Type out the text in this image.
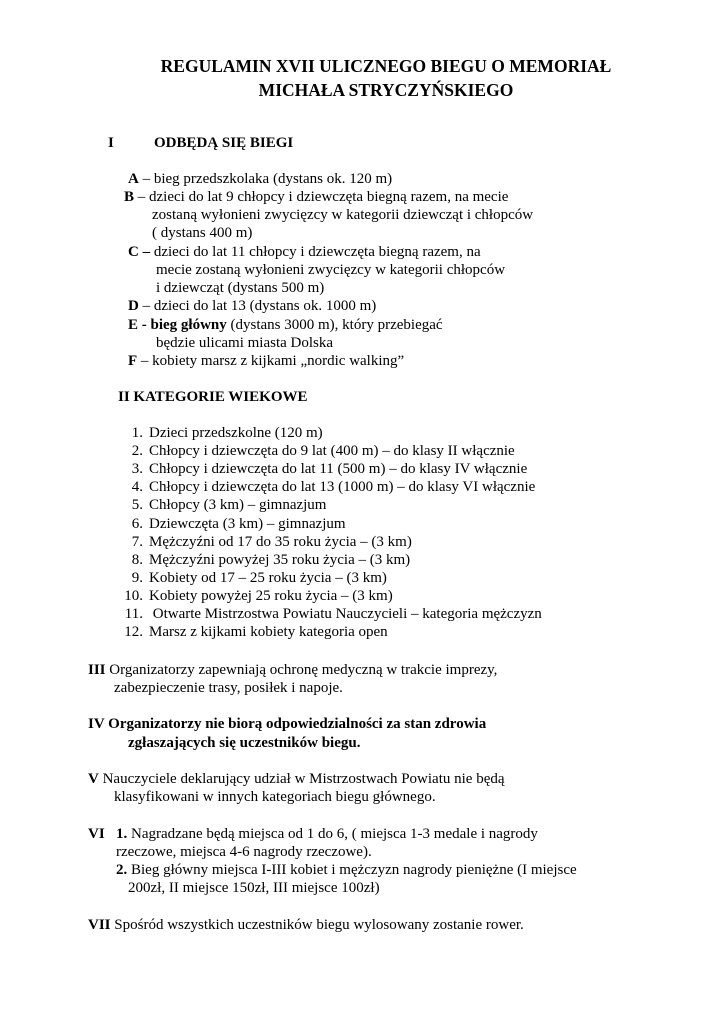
REGULAMIN XVII ULICZNEGO BIEGU O MEMORIAŁ
MICHAŁA STRYCZYŃSKIEGO
I	ODBĘDĄ SIĘ BIEGI
A – bieg przedszkolaka (dystans ok. 120 m)
B – dzieci do lat 9 chłopcy i dziewczęta biegną razem, na mecie
zostaną wyłonieni zwycięzcy w kategorii dziewcząt i chłopców
( dystans 400 m)
C – dzieci do lat 11 chłopcy i dziewczęta biegną razem, na
mecie zostaną wyłonieni zwycięzcy w kategorii chłopców
i dziewcząt (dystans 500 m)
D – dzieci do lat 13 (dystans ok. 1000 m)
E - bieg główny (dystans 3000 m), który przebiegać
będzie ulicami miasta Dolska
F – kobiety marsz z kijkami „nordic walking”
II KATEGORIE WIEKOWE
1. Dzieci przedszkolne (120 m)
2. Chłopcy i dziewczęta do 9 lat (400 m) – do klasy II włącznie
3. Chłopcy i dziewczęta do lat 11 (500 m) – do klasy IV włącznie
4. Chłopcy i dziewczęta do lat 13 (1000 m) – do klasy VI włącznie
5. Chłopcy (3 km) – gimnazjum
6. Dziewczęta (3 km) – gimnazjum
7. Mężczyźni od 17 do 35 roku życia – (3 km)
8. Mężczyźni powyżej 35 roku życia – (3 km)
9. Kobiety od 17 – 25 roku życia – (3 km)
10. Kobiety powyżej 25 roku życia – (3 km)
11. Otwarte Mistrzostwa Powiatu Nauczycieli – kategoria mężczyzn
12. Marsz z kijkami kobiety kategoria open
III Organizatorzy zapewniają ochronę medyczną w trakcie imprezy,
zabezpieczenie trasy, posiłek i napoje.
IV Organizatorzy nie biorą odpowiedzialności za stan zdrowia
zgłaszających się uczestników biegu.
V Nauczyciele deklarujący udział w Mistrzostwach Powiatu nie będą
klasyfikowani w innych kategoriach biegu głównego.
VI 1. Nagradzane będą miejsca od 1 do 6, ( miejsca 1-3 medale i nagrody
rzeczowe, miejsca 4-6 nagrody rzeczowe).
2. Bieg główny miejsca I-III kobiet i mężczyzn nagrody pieniężne (I miejsce
200zł, II miejsce 150zł, III miejsce 100zł)
VII Spośród wszystkich uczestników biegu wylosowany zostanie rower.
